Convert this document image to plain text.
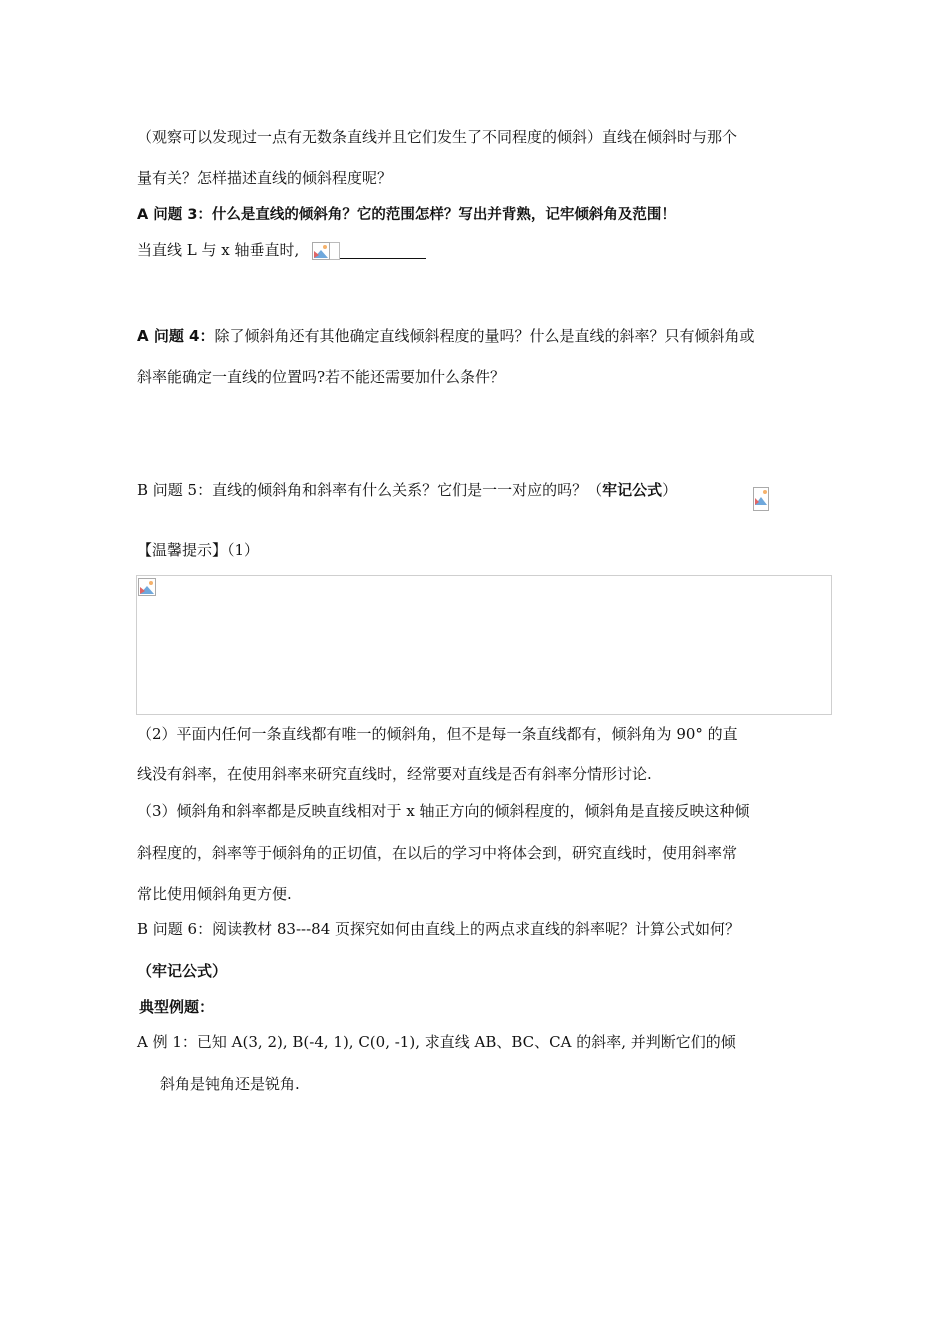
（观察可以发现过一点有无数条直线并且它们发生了不同程度的倾斜）直线在倾斜时与那个
量有关？怎样描述直线的倾斜程度呢？
A 问题 3：什么是直线的倾斜角？它的范围怎样？写出并背熟，记牢倾斜角及范围！
当直线 L 与 x 轴垂直时,
A 问题 4：除了倾斜角还有其他确定直线倾斜程度的量吗？什么是直线的斜率？只有倾斜角或
斜率能确定一直线的位置吗?若不能还需要加什么条件？
B 问题 5：直线的倾斜角和斜率有什么关系？它们是一一对应的吗？（牢记公式）
【温馨提示】（1）
（2）平面内任何一条直线都有唯一的倾斜角，但不是每一条直线都有，倾斜角为 90° 的直
线没有斜率，在使用斜率来研究直线时，经常要对直线是否有斜率分情形讨论.
（3）倾斜角和斜率都是反映直线相对于 x 轴正方向的倾斜程度的，倾斜角是直接反映这种倾
斜程度的，斜率等于倾斜角的正切值，在以后的学习中将体会到，研究直线时，使用斜率常
常比使用倾斜角更方便.
B 问题 6：阅读教材 83---84 页探究如何由直线上的两点求直线的斜率呢？计算公式如何？
（牢记公式）
典型例题：
A 例 1：已知 A(3, 2), B(-4, 1), C(0, -1), 求直线 AB、BC、CA 的斜率, 并判断它们的倾
斜角是钝角还是锐角.
